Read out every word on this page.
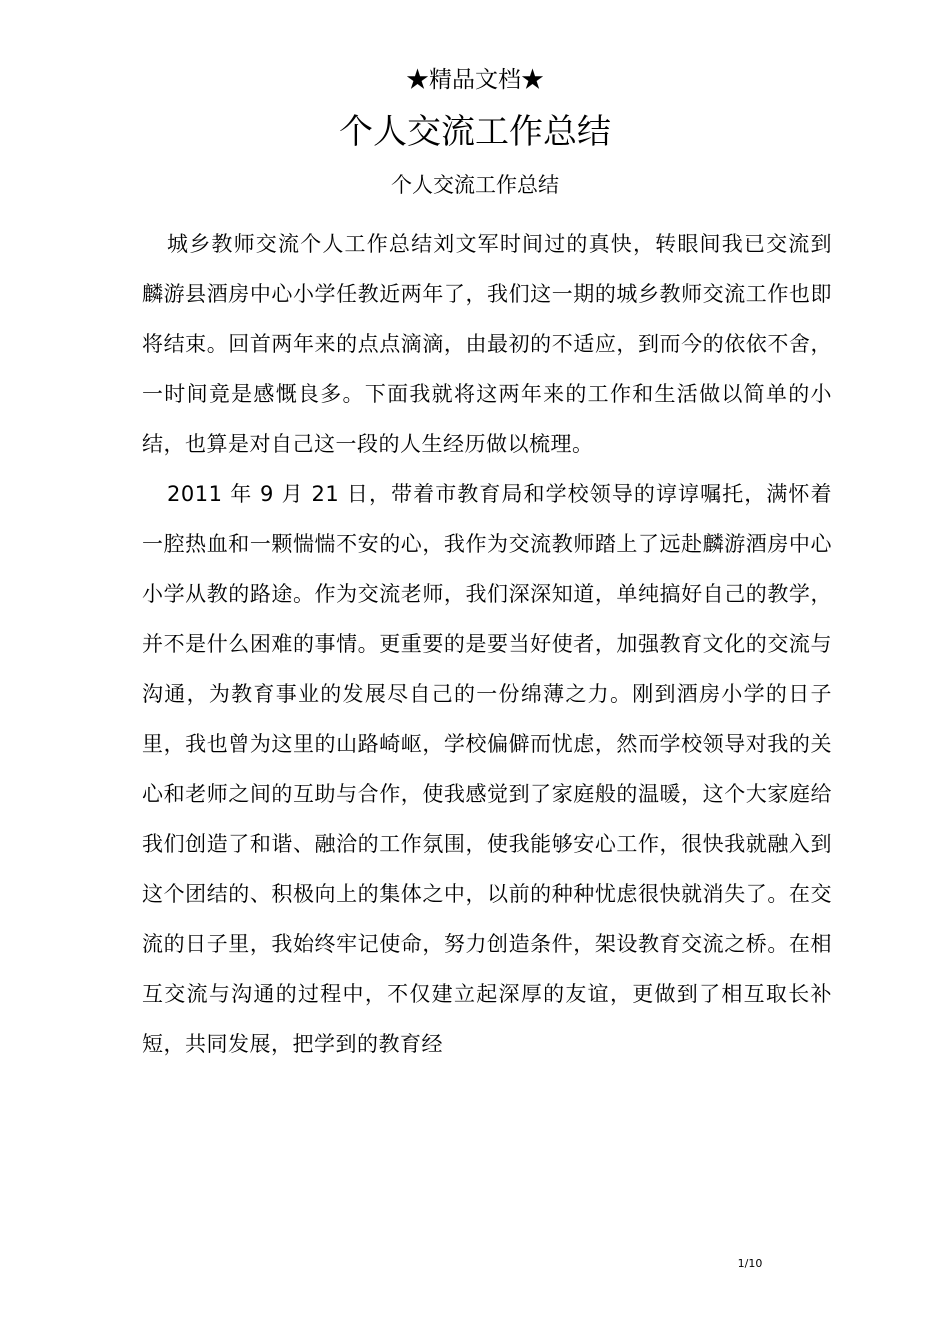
★精品文档★
个人交流工作总结
个人交流工作总结

城乡教师交流个人工作总结刘文军时间过的真快，转眼间我已交流到麟游县酒房中心小学任教近两年了，我们这一期的城乡教师交流工作也即将结束。回首两年来的点点滴滴，由最初的不适应，到而今的依依不舍，一时间竟是感慨良多。下面我就将这两年来的工作和生活做以简单的小结，也算是对自己这一段的人生经历做以梳理。

2011 年 9 月 21 日，带着市教育局和学校领导的谆谆嘱托，满怀着一腔热血和一颗惴惴不安的心，我作为交流教师踏上了远赴麟游酒房中心小学从教的路途。作为交流老师，我们深深知道，单纯搞好自己的教学，并不是什么困难的事情。更重要的是要当好使者，加强教育文化的交流与沟通，为教育事业的发展尽自己的一份绵薄之力。刚到酒房小学的日子里，我也曾为这里的山路崎岖，学校偏僻而忧虑，然而学校领导对我的关心和老师之间的互助与合作，使我感觉到了家庭般的温暖，这个大家庭给我们创造了和谐、融洽的工作氛围，使我能够安心工作，很快我就融入到这个团结的、积极向上的集体之中，以前的种种忧虑很快就消失了。在交流的日子里，我始终牢记使命，努力创造条件，架设教育交流之桥。在相互交流与沟通的过程中，不仅建立起深厚的友谊，更做到了相互取长补短，共同发展，把学到的教育经

1/10
